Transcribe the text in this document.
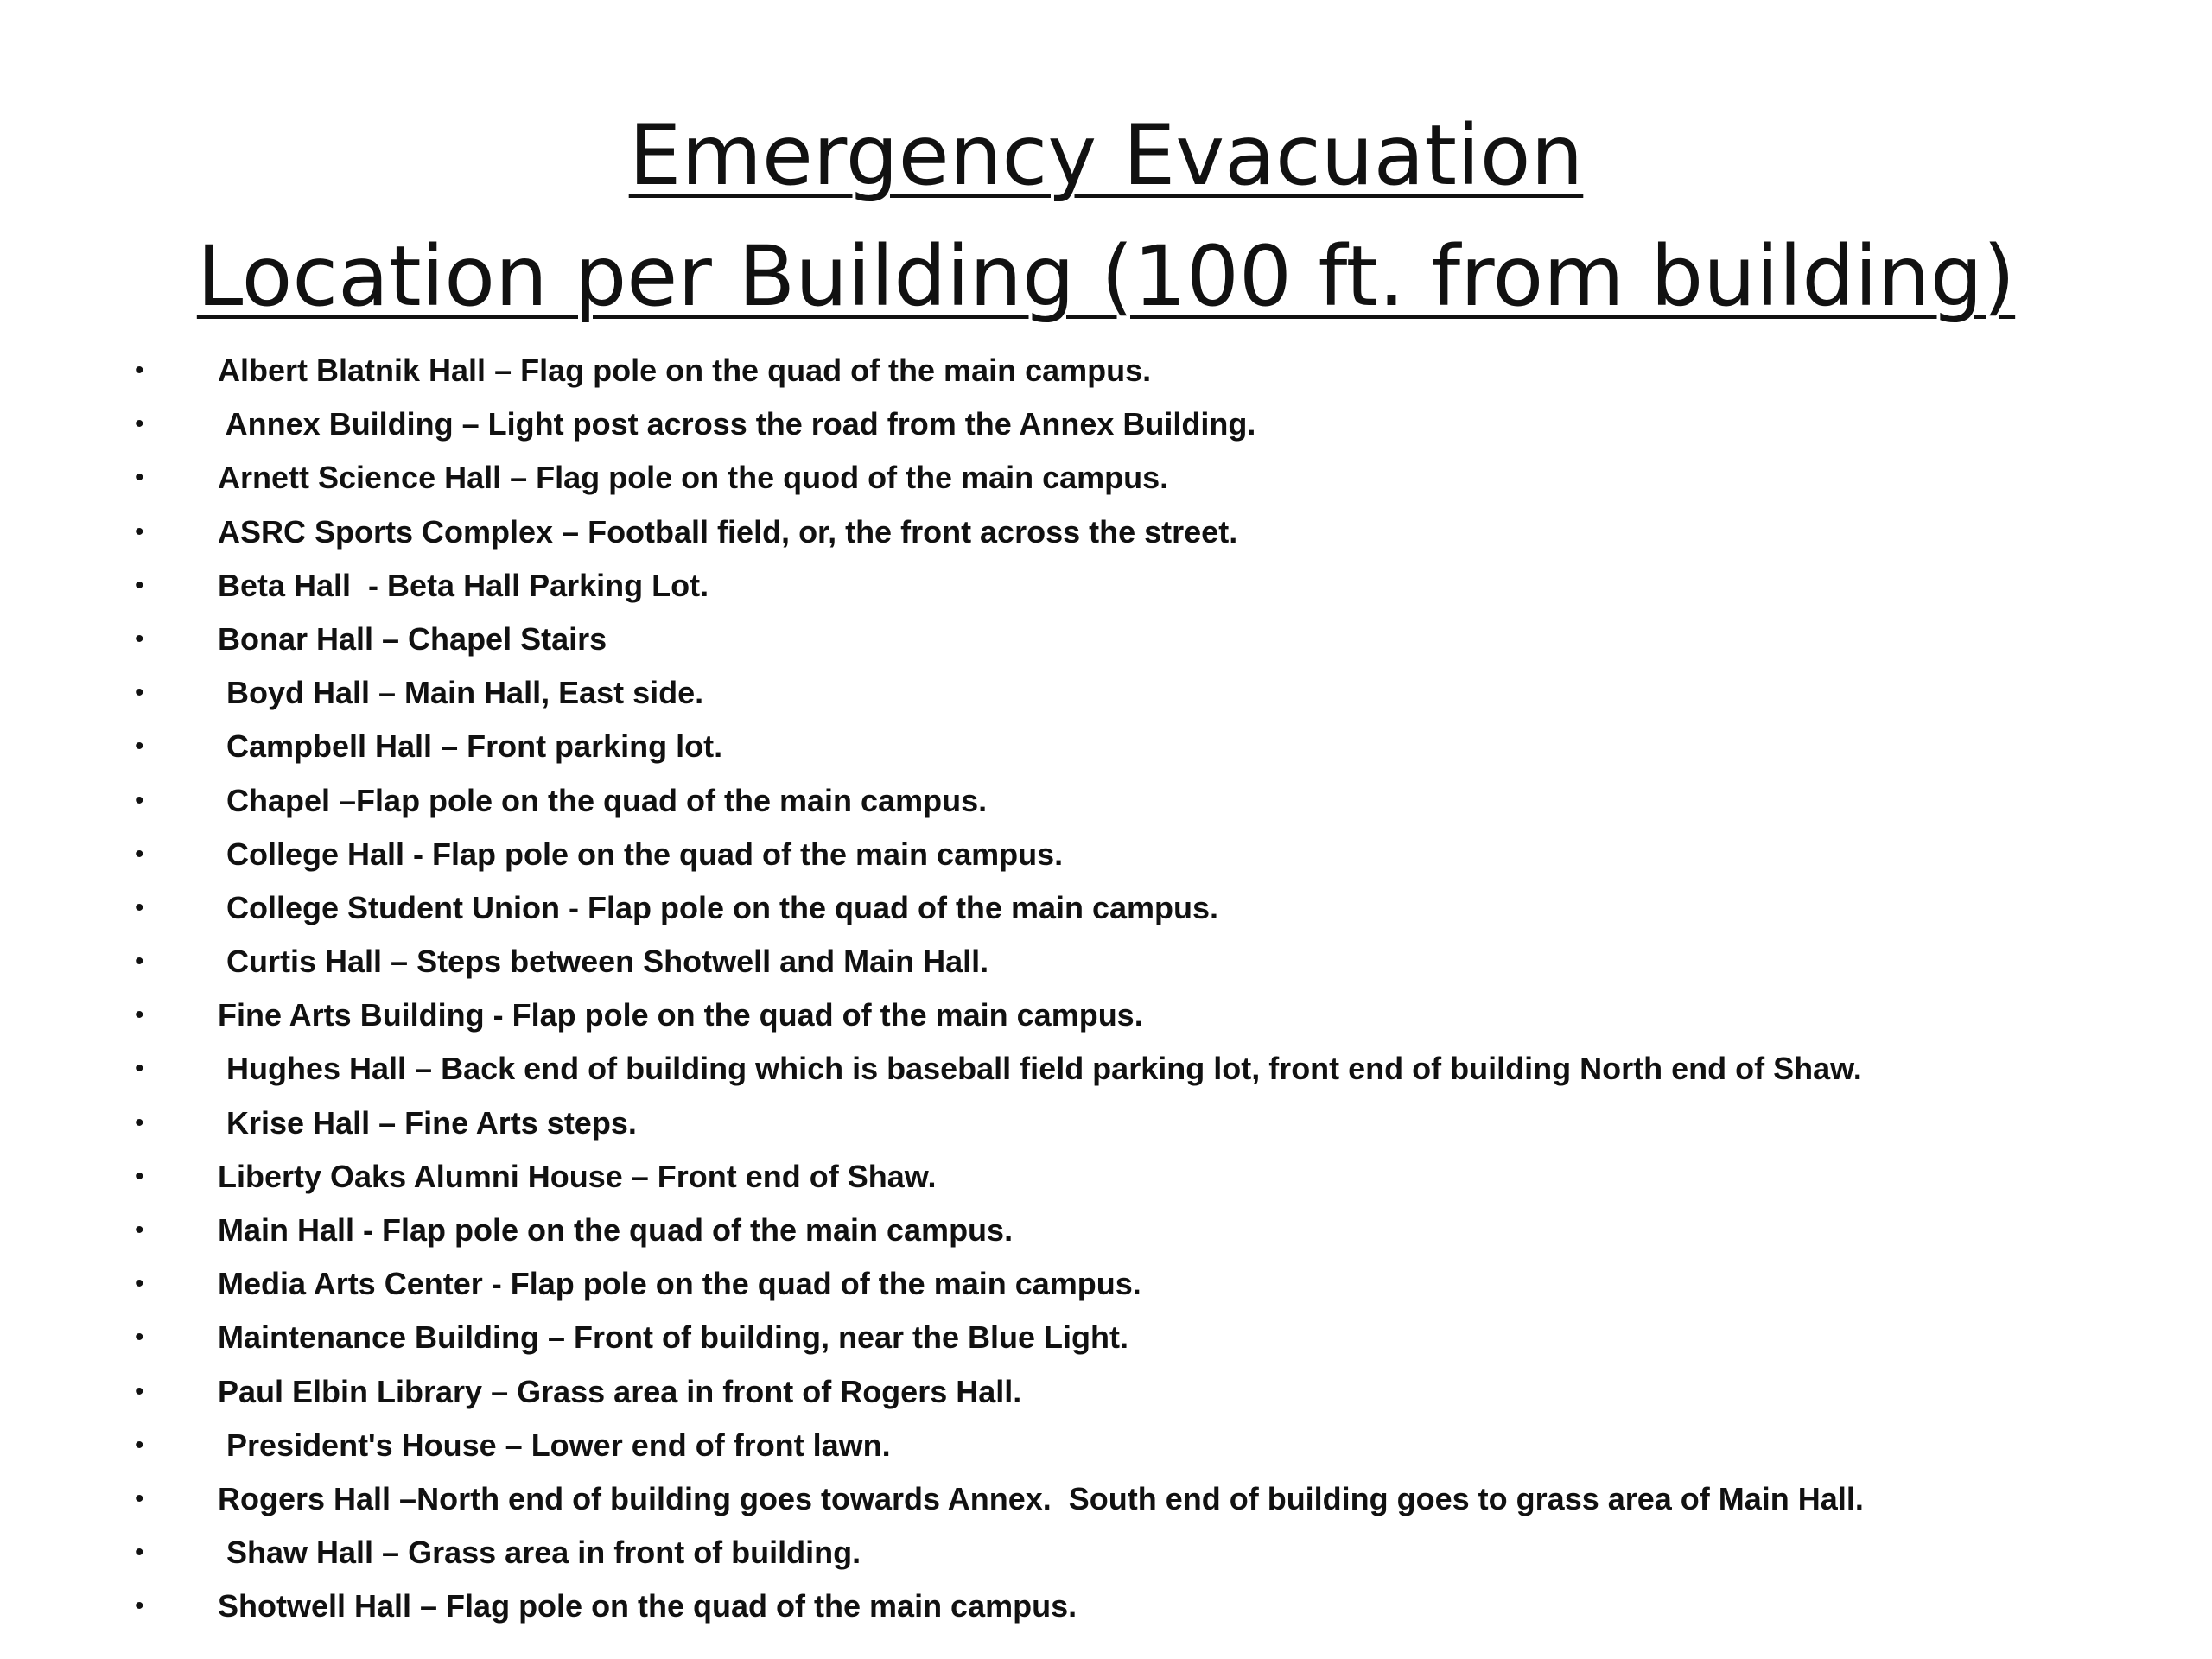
Emergency Evacuation
Location per Building (100 ft. from building)
• Albert Blatnik Hall – Flag pole on the quad of the main campus.
• Annex Building – Light post across the road from the Annex Building.
• Arnett Science Hall – Flag pole on the quod of the main campus.
• ASRC Sports Complex – Football field, or, the front across the street.
• Beta Hall  - Beta Hall Parking Lot.
• Bonar Hall – Chapel Stairs
• Boyd Hall – Main Hall, East side.
• Campbell Hall – Front parking lot.
• Chapel –Flap pole on the quad of the main campus.
• College Hall - Flap pole on the quad of the main campus.
• College Student Union - Flap pole on the quad of the main campus.
• Curtis Hall – Steps between Shotwell and Main Hall.
• Fine Arts Building - Flap pole on the quad of the main campus.
• Hughes Hall – Back end of building which is baseball field parking lot, front end of building North end of Shaw.
• Krise Hall – Fine Arts steps.
• Liberty Oaks Alumni House – Front end of Shaw.
• Main Hall - Flap pole on the quad of the main campus.
• Media Arts Center - Flap pole on the quad of the main campus.
• Maintenance Building – Front of building, near the Blue Light.
• Paul Elbin Library – Grass area in front of Rogers Hall.
• President's House – Lower end of front lawn.
• Rogers Hall –North end of building goes towards Annex.  South end of building goes to grass area of Main Hall.
• Shaw Hall – Grass area in front of building.
• Shotwell Hall – Flag pole on the quad of the main campus.
